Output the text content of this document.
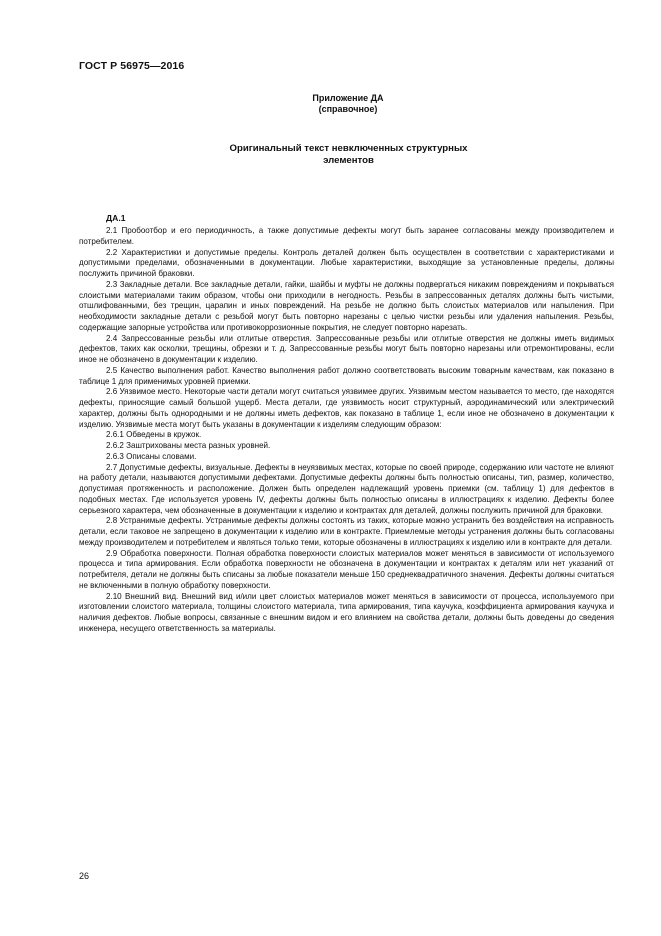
ГОСТ Р 56975—2016
Приложение ДА
(справочное)
Оригинальный текст невключенных структурных
элементов
ДА.1

2.1 Пробоотбор и его периодичность, а также допустимые дефекты могут быть заранее согласованы между производителем и потребителем.

2.2 Характеристики и допустимые пределы. Контроль деталей должен быть осуществлен в соответствии с характеристиками и допустимыми пределами, обозначенными в документации. Любые характеристики, выходящие за установленные пределы, должны послужить причиной браковки.

2.3 Закладные детали. Все закладные детали, гайки, шайбы и муфты не должны подвергаться никаким повреждениям и покрываться слоистыми материалами таким образом, чтобы они приходили в негодность. Резьбы в запрессованных деталях должны быть чистыми, отшлифованными, без трещин, царапин и иных повреждений. На резьбе не должно быть слоистых материалов или напыления. При необходимости закладные детали с резьбой могут быть повторно нарезаны с целью чистки резьбы или удаления напыления. Резьбы, содержащие запорные устройства или противокоррозионные покрытия, не следует повторно нарезать.

2.4 Запрессованные резьбы или отлитые отверстия. Запрессованные резьбы или отлитые отверстия не должны иметь видимых дефектов, таких как осколки, трещины, обрезки и т. д. Запрессованные резьбы могут быть повторно нарезаны или отремонтированы, если иное не обозначено в документации к изделию.

2.5 Качество выполнения работ. Качество выполнения работ должно соответствовать высоким товарным качествам, как показано в таблице 1 для применимых уровней приемки.

2.6 Уязвимое место. Некоторые части детали могут считаться уязвимее других. Уязвимым местом называется то место, где находятся дефекты, приносящие самый большой ущерб. Места детали, где уязвимость носит структурный, аэродинамический или электрический характер, должны быть однородными и не должны иметь дефектов, как показано в таблице 1, если иное не обозначено в документации к изделию. Уязвимые места могут быть указаны в документации к изделиям следующим образом:

2.6.1 Обведены в кружок.

2.6.2 Заштрихованы места разных уровней.

2.6.3 Описаны словами.

2.7 Допустимые дефекты, визуальные. Дефекты в неуязвимых местах, которые по своей природе, содержанию или частоте не влияют на работу детали, называются допустимыми дефектами. Допустимые дефекты должны быть полностью описаны, тип, размер, количество, допустимая протяженность и расположение. Должен быть определен надлежащий уровень приемки (см. таблицу 1) для дефектов в подобных местах. Где используется уровень IV, дефекты должны быть полностью описаны в иллюстрациях к изделию. Дефекты более серьезного характера, чем обозначенные в документации к изделию и контрактах для деталей, должны послужить причиной для браковки.

2.8 Устранимые дефекты. Устранимые дефекты должны состоять из таких, которые можно устранить без воздействия на исправность детали, если таковое не запрещено в документации к изделию или в контракте. Приемлемые методы устранения должны быть согласованы между производителем и потребителем и являться только теми, которые обозначены в иллюстрациях к изделию или в контракте для детали.

2.9 Обработка поверхности. Полная обработка поверхности слоистых материалов может меняться в зависимости от используемого процесса и типа армирования. Если обработка поверхности не обозначена в документации и контрактах к деталям или нет указаний от потребителя, детали не должны быть списаны за любые показатели меньше 150 среднеквадратичного значения. Дефекты должны считаться не включенными в полную обработку поверхности.

2.10 Внешний вид. Внешний вид и/или цвет слоистых материалов может меняться в зависимости от процесса, используемого при изготовлении слоистого материала, толщины слоистого материала, типа армирования, типа каучука, коэффициента армирования каучука и наличия дефектов. Любые вопросы, связанные с внешним видом и его влиянием на свойства детали, должны быть доведены до сведения инженера, несущего ответственность за материалы.

26
